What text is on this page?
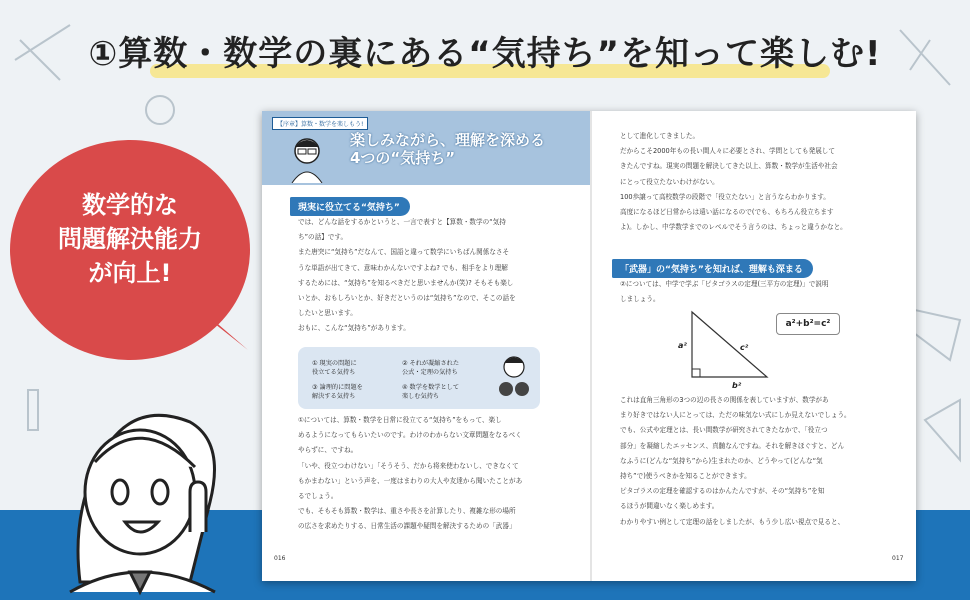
①算数・数学の裏にある“気持ち”を知って楽しむ!
【序章】算数・数学を楽しもう!
楽しみながら、理解を深める
4つの“気持ち”
現実に役立てる“気持ち”
では、どんな話をするかというと、一言で表すと【算数・数学の“気持
ち”の話】です。
また唐突に“気持ち”だなんて、国語と違って数学にいちばん関係なさそ
うな単語が出てきて、意味わかんないですよね? でも、相手をより理解
するためには、“気持ち”を知るべきだと思いませんか(笑)? そもそも楽し
いとか、おもしろいとか、好きだというのは“気持ち”なので、そこの話を
したいと思います。
おもに、こんな“気持ち”があります。
① 現実の問題に
役立てる気持ち
③ 論理的に問題を
解決する気持ち
② それが凝縮された
公式・定理の気持ち
④ 数学を数学として
楽しむ気持ち
①については、算数・数学を日常に役立てる“気持ち”をもって、楽し
めるようになってもらいたいのです。わけのわからない文章問題をなるべく
やらずに、ですね。
「いや、役立つわけない」「そうそう、だから将来使わないし、できなくて
もかまわない」という声を、一度はまわりの大人や友達から聞いたことがあ
るでしょう。
でも、そもそも算数・数学は、重さや長さを計算したり、複雑な形の場所
の広さを求めたりする、日常生活の課題や疑問を解決するための「武器」
016
として進化してきました。
だからこそ2000年もの長い間人々に必要とされ、学問としても発展して
きたんですね。現実の問題を解決してきた以上、算数・数学が生活や社会
にとって役立たないわけがない。
100歩譲って高校数学の段階で「役立たない」と言うならわかります。
高度になるほど日常からは遠い話になるので(でも、もちろん役立ちます
よ)。しかし、中学数学までのレベルでそう言うのは、ちょっと違うかなと。
「武器」の“気持ち”を知れば、理解も深まる
②については、中学で学ぶ「ピタゴラスの定理(三平方の定理)」で説明
しましょう。
a²	c²
b²
a²+b²=c²
これは直角三角形の3つの辺の長さの関係を表していますが、数学があ
まり好きではない人にとっては、ただの味気ない式にしか見えないでしょう。
でも、公式や定理とは、長い間数学が研究されてきたなかで、「役立つ
部分」を凝縮したエッセンス、真髄なんですね。それを解きほぐすと、どん
なふうに(どんな“気持ち”から)生まれたのか、どうやって(どんな“気
持ち”で)使うべきかを知ることができます。
ピタゴラスの定理を確認するのはかんたんですが、その“気持ち”を知
るほうが間違いなく楽しめます。
わかりやすい例として定理の話をしましたが、もう少し広い視点で見ると、
017
数学的な
問題解決能力
が向上!
